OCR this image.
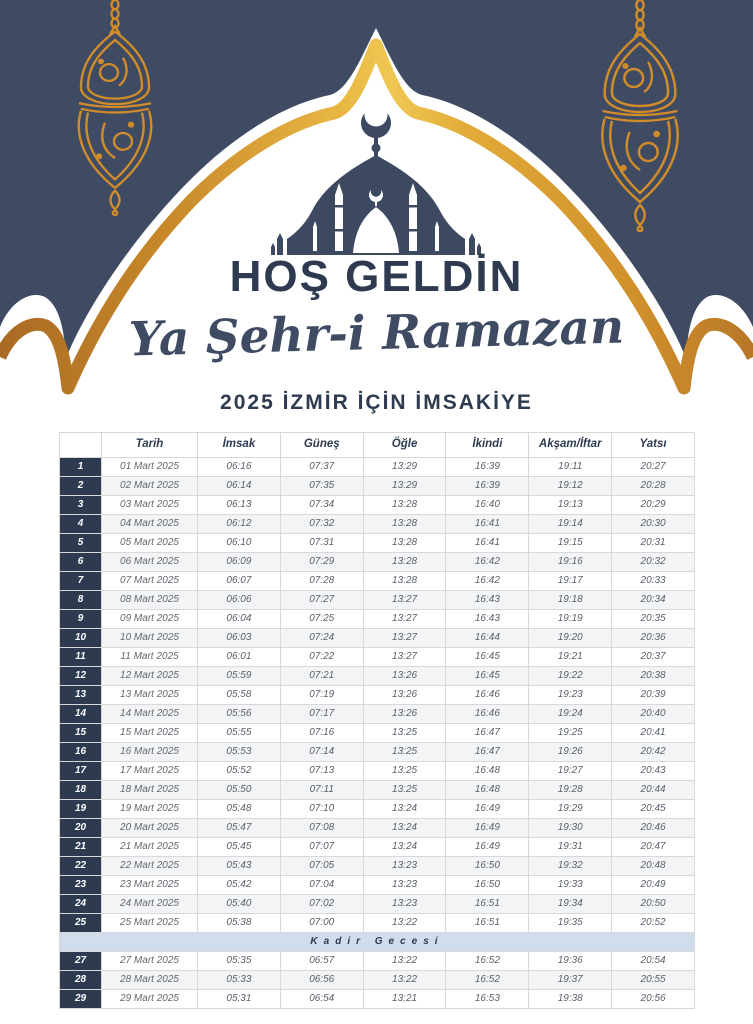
HOŞ GELDİN
Ya Şehr-i Ramazan
2025 İZMİR İÇİN İMSAKİYE
	Tarih	İmsak	Güneş	Öğle	İkindi	Akşam/İftar	Yatsı
1	01 Mart 2025	06:16	07:37	13:29	16:39	19:11	20:27
2	02 Mart 2025	06:14	07:35	13:29	16:39	19:12	20:28
3	03 Mart 2025	06:13	07:34	13:28	16:40	19:13	20:29
4	04 Mart 2025	06:12	07:32	13:28	16:41	19:14	20:30
5	05 Mart 2025	06:10	07:31	13:28	16:41	19:15	20:31
6	06 Mart 2025	06:09	07:29	13:28	16:42	19:16	20:32
7	07 Mart 2025	06:07	07:28	13:28	16:42	19:17	20:33
8	08 Mart 2025	06:06	07:27	13:27	16:43	19:18	20:34
9	09 Mart 2025	06:04	07:25	13:27	16:43	19:19	20:35
10	10 Mart 2025	06:03	07:24	13:27	16:44	19:20	20:36
11	11 Mart 2025	06:01	07:22	13:27	16:45	19:21	20:37
12	12 Mart 2025	05:59	07:21	13:26	16:45	19:22	20:38
13	13 Mart 2025	05:58	07:19	13:26	16:46	19:23	20:39
14	14 Mart 2025	05:56	07:17	13:26	16:46	19:24	20:40
15	15 Mart 2025	05:55	07:16	13:25	16:47	19:25	20:41
16	16 Mart 2025	05:53	07:14	13:25	16:47	19:26	20:42
17	17 Mart 2025	05:52	07:13	13:25	16:48	19:27	20:43
18	18 Mart 2025	05:50	07:11	13:25	16:48	19:28	20:44
19	19 Mart 2025	05:48	07:10	13:24	16:49	19:29	20:45
20	20 Mart 2025	05:47	07:08	13:24	16:49	19:30	20:46
21	21 Mart 2025	05:45	07:07	13:24	16:49	19:31	20:47
22	22 Mart 2025	05:43	07:05	13:23	16:50	19:32	20:48
23	23 Mart 2025	05:42	07:04	13:23	16:50	19:33	20:49
24	24 Mart 2025	05:40	07:02	13:23	16:51	19:34	20:50
25	25 Mart 2025	05:38	07:00	13:22	16:51	19:35	20:52
Kadir Gecesi							
27	27 Mart 2025	05:35	06:57	13:22	16:52	19:36	20:54
28	28 Mart 2025	05:33	06:56	13:22	16:52	19:37	20:55
29	29 Mart 2025	05:31	06:54	13:21	16:53	19:38	20:56
